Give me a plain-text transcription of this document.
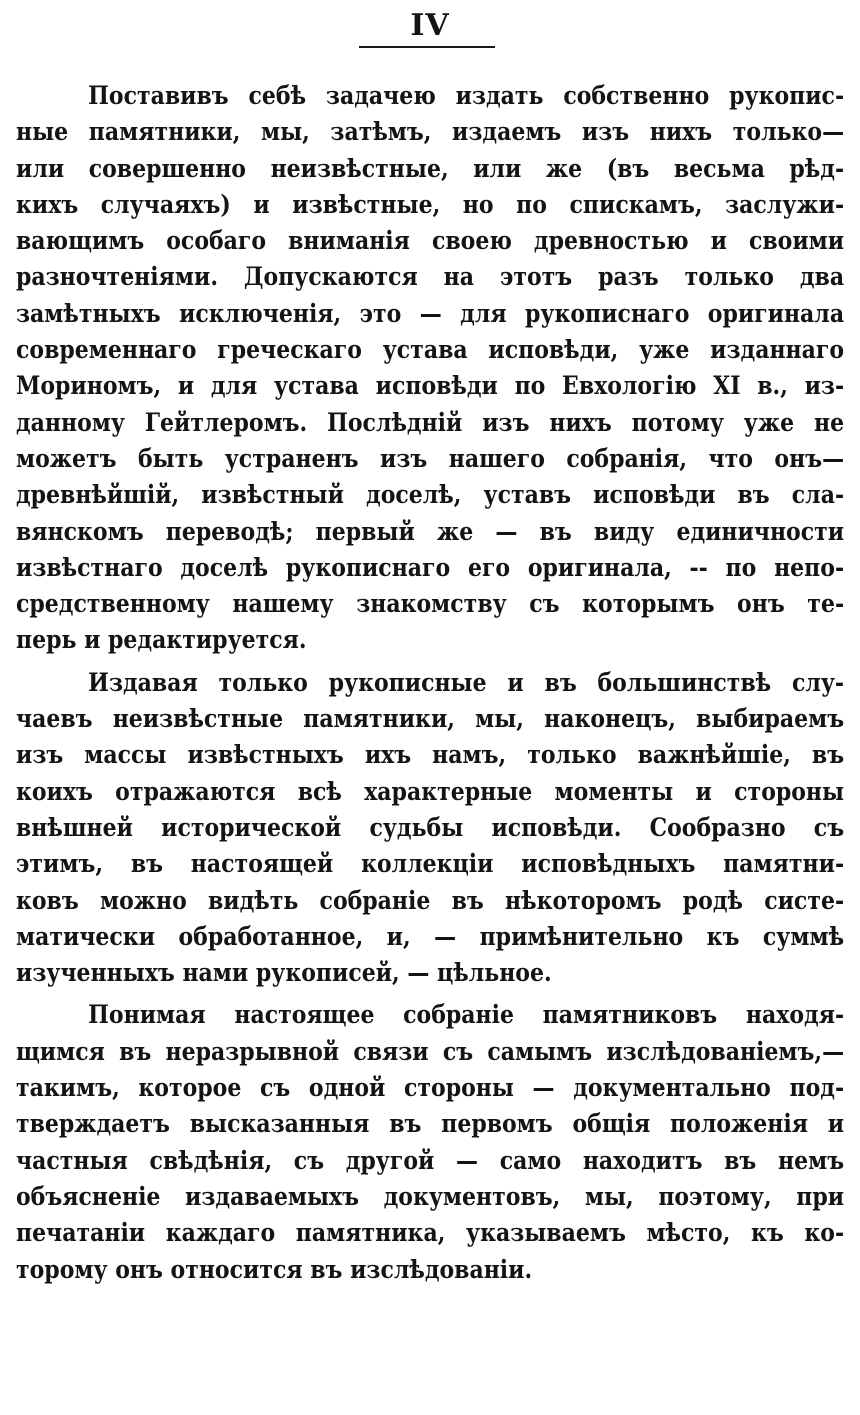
IV
Поставивъ себѣ задачею издать собственно рукопис-
ные памятники, мы, затѣмъ, издаемъ изъ нихъ только—
или совершенно неизвѣстные, или же (въ весьма рѣд-
кихъ случаяхъ) и извѣстные, но по спискамъ, заслужи-
вающимъ особаго вниманія своею древностью и своими
разночтеніями. Допускаются на этотъ разъ только два
замѣтныхъ исключенія, это — для рукописнаго оригинала
современнаго греческаго устава исповѣди, уже изданнаго
Мориномъ, и для устава исповѣди по Евхологію XI в., из-
данному Гейтлеромъ. Послѣдній изъ нихъ потому уже не
можетъ быть устраненъ изъ нашего собранія, что онъ—
древнѣйшій, извѣстный доселѣ, уставъ исповѣди въ сла-
вянскомъ переводѣ; первый же — въ виду единичности
извѣстнаго доселѣ рукописнаго его оригинала, -- по непо-
средственному нашему знакомству съ которымъ онъ те-
перь и редактируется.
Издавая только рукописные и въ большинствѣ слу-
чаевъ неизвѣстные памятники, мы, наконецъ, выбираемъ
изъ массы извѣстныхъ ихъ намъ, только важнѣйшіе, въ
коихъ отражаются всѣ характерные моменты и стороны
внѣшней исторической судьбы исповѣди. Сообразно съ
этимъ, въ настоящей коллекціи исповѣдныхъ памятни-
ковъ можно видѣть собраніе въ нѣкоторомъ родѣ систе-
матически обработанное, и, — примѣнительно къ суммѣ
изученныхъ нами рукописей, — цѣльное.
Понимая настоящее собраніе памятниковъ находя-
щимся въ неразрывной связи съ самымъ изслѣдованіемъ,—
такимъ, которое съ одной стороны — документально под-
тверждаетъ высказанныя въ первомъ общія положенія и
частныя свѣдѣнія, съ другой — само находитъ въ немъ
объясненіе издаваемыхъ документовъ, мы, поэтому, при
печатаніи каждаго памятника, указываемъ мѣсто, къ ко-
торому онъ относится въ изслѣдованіи.
